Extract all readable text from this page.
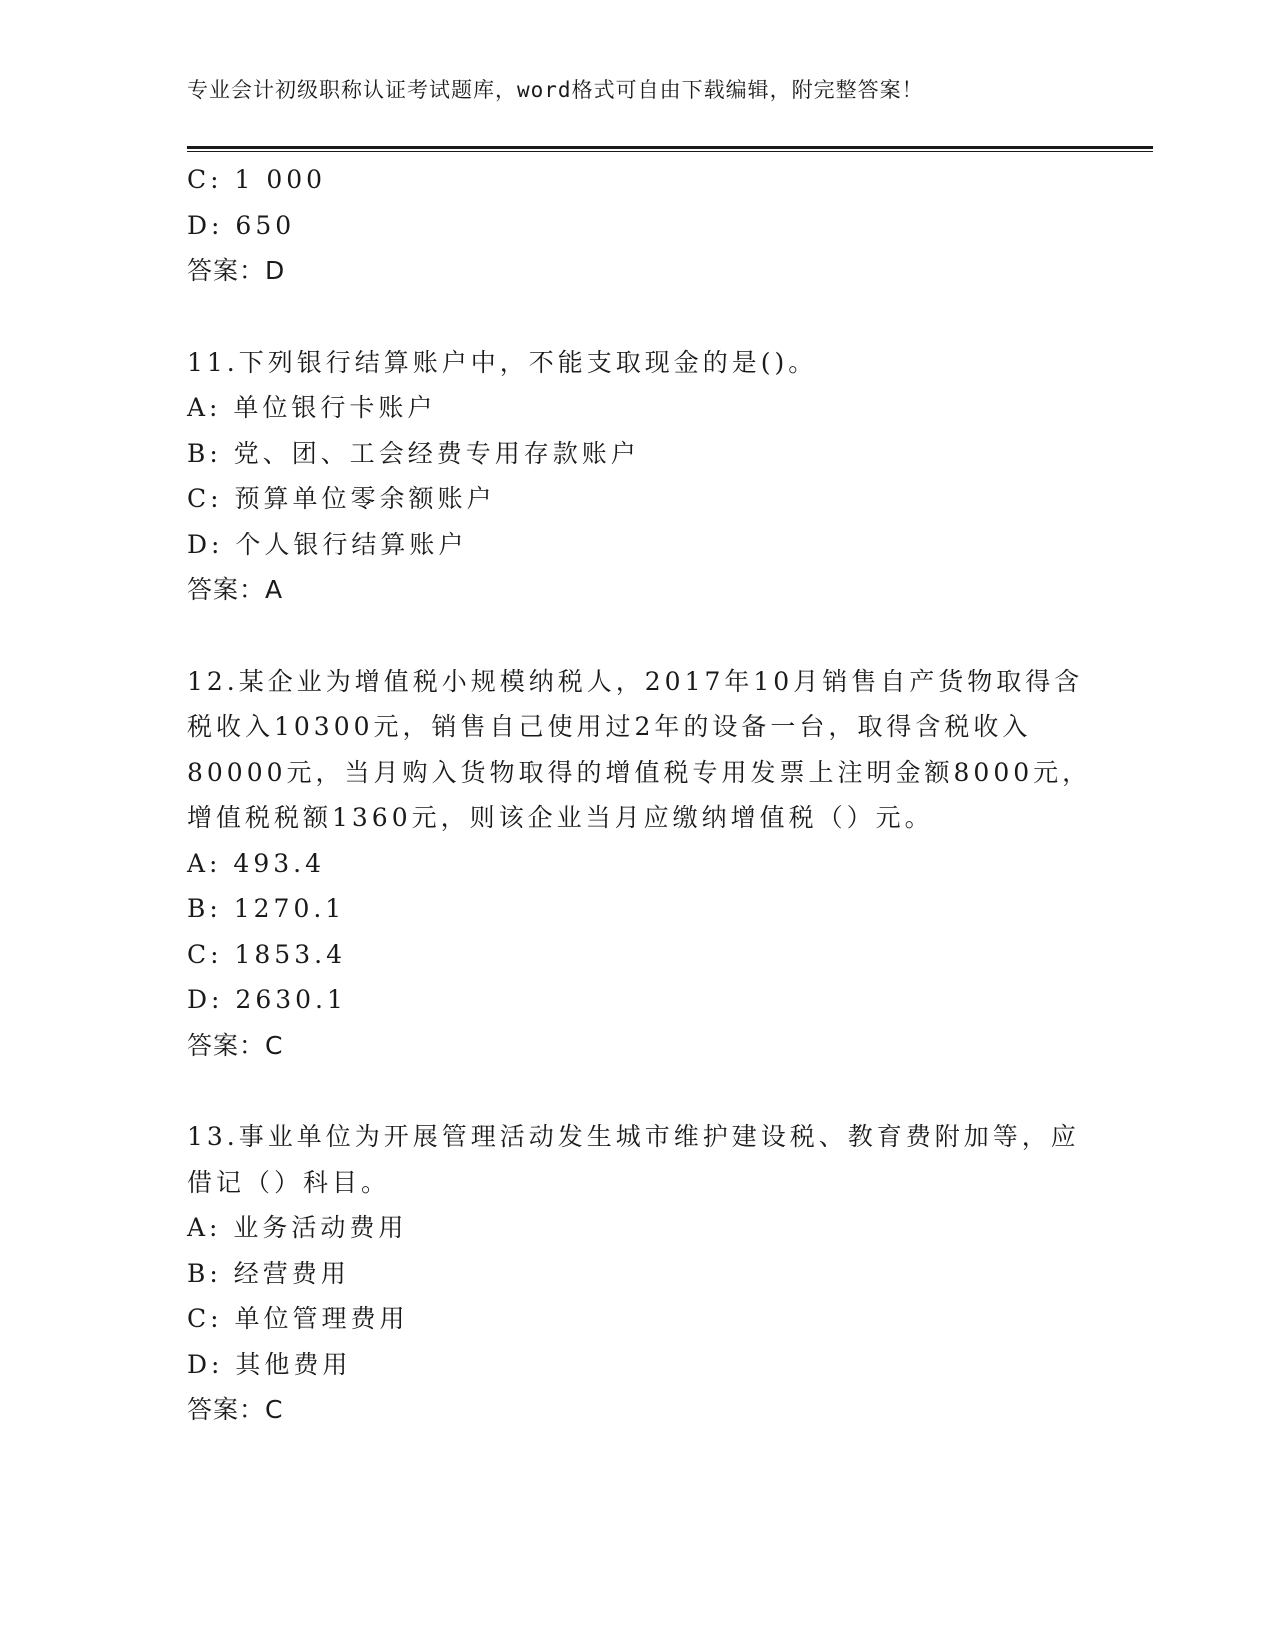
专业会计初级职称认证考试题库，word格式可自由下载编辑，附完整答案！
C: 1 000
D: 650
答案：D
11.下列银行结算账户中，不能支取现金的是()。
A: 单位银行卡账户
B: 党、团、工会经费专用存款账户
C: 预算单位零余额账户
D: 个人银行结算账户
答案：A
12.某企业为增值税小规模纳税人，2017年10月销售自产货物取得含
税收入10300元，销售自己使用过2年的设备一台，取得含税收入
80000元，当月购入货物取得的增值税专用发票上注明金额8000元，
增值税税额1360元，则该企业当月应缴纳增值税（）元。
A: 493.4
B: 1270.1
C: 1853.4
D: 2630.1
答案：C
13.事业单位为开展管理活动发生城市维护建设税、教育费附加等，应
借记（）科目。
A: 业务活动费用
B: 经营费用
C: 单位管理费用
D: 其他费用
答案：C
